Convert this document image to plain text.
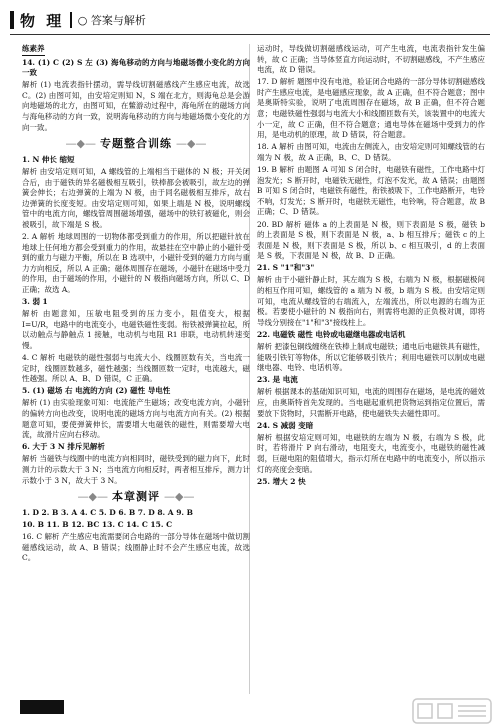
物 理 ○ 答案与解析
练素养

14. (1) C (2) S 左 (3) 海龟移动的方向与地磁场微小变化的方向一致

解析 (1) 电流表指针摆动，需导线切割磁感线产生感应电流，故选 C。(2) 由图可知，由安培定则知 N，S 端在北方，则海龟总是会游向地磁场的北方，由图可知，在鳖游动过程中，海龟所在的磁场方向与海龟移动的方向一致，说明海龟移动的方向与地磁场微小变化的方向一致。

—◆— 专题整合训练 —◆—

1. N 伸长 缩短

解析 由安培定则可知，A 螺线管的上端相当于磁体的 N 极；开关闭合后，由于磁铁的异名磁极相互吸引，铁棒都会被吸引，故左边的弹簧会伸长；右边弹簧的上端为 N 极，由于同名磁极相互排斥，故右边弹簧的长度变短。由安培定则可知，如果上端是 N 极，说明螺线管中的电流方向，螺线管周围磁场增强，磁场中的铁钉被磁化，则会被吸引，故下端是 S 极。

2. A 解析 地球周围的一切物体都受到重力的作用，所以把磁针放在地球上任何地方都会受到重力的作用，故悬挂在空中静止的小磁针受到的重力与磁力平衡，所以在 B 选项中，小磁针受到的磁力方向与重力方向相反，所以 A 正确；磁体周围存在磁场，小磁针在磁场中受力的作用，由于磁场的作用，小磁针的 N 极指向磁场方向，所以 C、D 正确；故选 A。

3. 弱 1

解析 由题意知，压敏电阻受到的压力变小，阻值变大，根据 I=U/R，电路中的电流变小，电磁铁磁性变弱。衔铁被弹簧拉起，所以动触点与静触点 1 接触，电动机与电阻 R1 串联，电动机转速变慢。

4. C 解析 电磁铁的磁性强弱与电流大小、线圈匝数有关，当电流一定时，线圈匝数越多，磁性越强；当线圈匝数一定时，电流越大，磁性越强。所以 A、B、D 错误，C 正确。

5. (1) 磁场 右 电流的方向 (2) 磁性 导电性

解析 (1) 由实验现象可知：电流能产生磁场；改变电流方向，小磁针的偏转方向也改变，说明电流的磁场方向与电流方向有关。(2) 根据题意可知，要使弹簧伸长，需要增大电磁铁的磁性，则需要增大电流，故滑片应向右移动。

6. 大于 3 N 排斥见解析

解析 当磁铁与线圈中的电流方向相同时，磁铁受到的磁力向下，此时测力计的示数大于 3 N；当电流方向相反时，两者相互排斥，测力计示数小于 3 N，故大于 3 N。

—◆— 本章测评 —◆—

1. D 2. B 3. A 4. C 5. D 6. B 7. D 8. A 9. B

10. B 11. B 12. BC 13. C 14. C 15. C

16. C 解析 产生感应电流需要闭合电路的一部分导体在磁场中做切割磁感线运动，故 A、B 错误；线圈静止时不会产生感应电流，故选 C。

运动时，导线做切割磁感线运动，可产生电流，电流表指针发生偏转，故 C 正确；当导体竖直方向运动时，不切割磁感线，不产生感应电流，故 D 错误。

17. D 解析 题图中没有电池，验证闭合电路的一部分导体切割磁感线时产生感应电流，是电磁感应现象，故 A 正确，但不符合题意；图中是奥斯特实验，说明了电流周围存在磁场，故 B 正确，但不符合题意；电磁铁磁性强弱与电流大小和线圈匝数有关，该装置中的电流大小一定，故 C 正确，但不符合题意；通电导体在磁场中受到力的作用，是电动机的原理，故 D 错误，符合题意。

18. A 解析 由图可知，电流由左侧流入，由安培定则可知螺线管的右端为 N 极，故 A 正确，B、C、D 错误。

19. B 解析 由题图 A 可知 S 闭合时，电磁铁有磁性，工作电路中灯泡发光；S 断开时，电磁铁无磁性，灯泡不发光，故 A 错误；由题图 B 可知 S 闭合时，电磁铁有磁性，衔铁被吸下，工作电路断开，电铃不响，灯发光；S 断开时，电磁铁无磁性，电铃响，符合题意，故 B 正确；C、D 错误。

20. BD 解析 磁体 a 的上表面是 N 极，则下表面是 S 极，磁铁 b 的上表面是 S 极，则下表面是 N 极，a、b 相互排斥；磁铁 c 的上表面是 N 极，则下表面是 S 极，所以 b、c 相互吸引，d 的上表面是 S 极，下表面是 N 极，故 B、D 正确。

21. S "1"和"3"

解析 由于小磁针静止时，其左端为 S 极，右端为 N 极，根据磁极间的相互作用可知，螺线管的 a 端为 N 极，b 端为 S 极。由安培定则可知，电流从螺线管的右端流入，左端流出，所以电源的右端为正极。若要使小磁针的 N 极指向右，则需将电源的正负极对调，即将导线分别接在"1"和"3"接线柱上。

22. 电磁铁 磁性 电铃或电磁继电器或电话机

解析 把漆包铜线缠绕在铁棒上制成电磁铁；通电后电磁铁具有磁性，能吸引铁钉等物体，所以它能够吸引铁片；利用电磁铁可以制成电磁继电器、电铃、电话机等。

23. 是 电流

解析 根据课本的基础知识可知，电流的周围存在磁场，是电流的磁效应，由奥斯特首先发现的。当电磁起重机把货物运到指定位置后，需要放下货物时，只需断开电路，使电磁铁失去磁性即可。

24. S 减弱 变暗

解析 根据安培定则可知，电磁铁的左端为 N 极，右端为 S 极，此时，若将滑片 P 向右滑动，电阻变大，电流变小，电磁铁的磁性减弱，巨磁电阻的阻值增大，指示灯所在电路中的电流变小，所以指示灯的亮度会变暗。

25. 增大 2 快
